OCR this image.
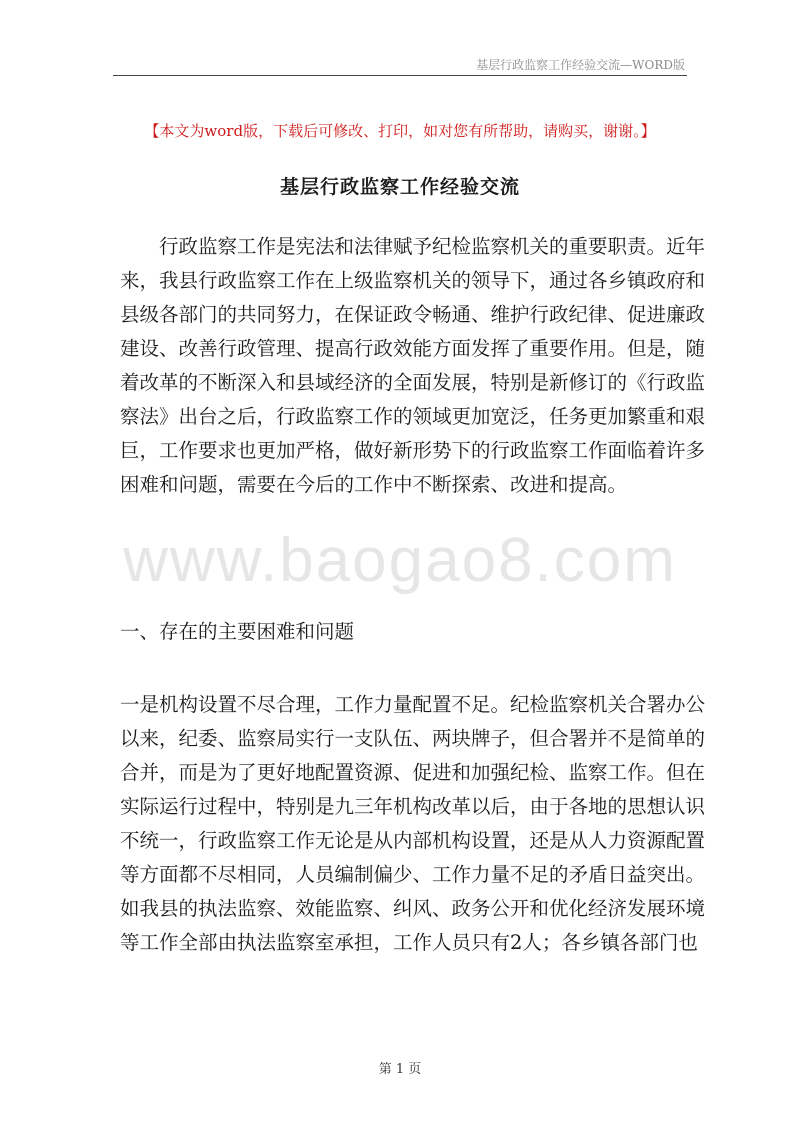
基层行政监察工作经验交流—WORD版
【本文为word版，下载后可修改、打印，如对您有所帮助，请购买，谢谢。】
基层行政监察工作经验交流
　　行政监察工作是宪法和法律赋予纪检监察机关的重要职责。近年
来，我县行政监察工作在上级监察机关的领导下，通过各乡镇政府和
县级各部门的共同努力，在保证政令畅通、维护行政纪律、促进廉政
建设、改善行政管理、提高行政效能方面发挥了重要作用。但是，随
着改革的不断深入和县域经济的全面发展，特别是新修订的《行政监
察法》出台之后，行政监察工作的领域更加宽泛，任务更加繁重和艰
巨，工作要求也更加严格，做好新形势下的行政监察工作面临着许多
困难和问题，需要在今后的工作中不断探索、改进和提高。
www.baogao8.com
一、存在的主要困难和问题
一是机构设置不尽合理，工作力量配置不足。纪检监察机关合署办公
以来，纪委、监察局实行一支队伍、两块牌子，但合署并不是简单的
合并，而是为了更好地配置资源、促进和加强纪检、监察工作。但在
实际运行过程中，特别是九三年机构改革以后，由于各地的思想认识
不统一，行政监察工作无论是从内部机构设置，还是从人力资源配置
等方面都不尽相同，人员编制偏少、工作力量不足的矛盾日益突出。
如我县的执法监察、效能监察、纠风、政务公开和优化经济发展环境
等工作全部由执法监察室承担，工作人员只有2人；各乡镇各部门也
第 1 页
